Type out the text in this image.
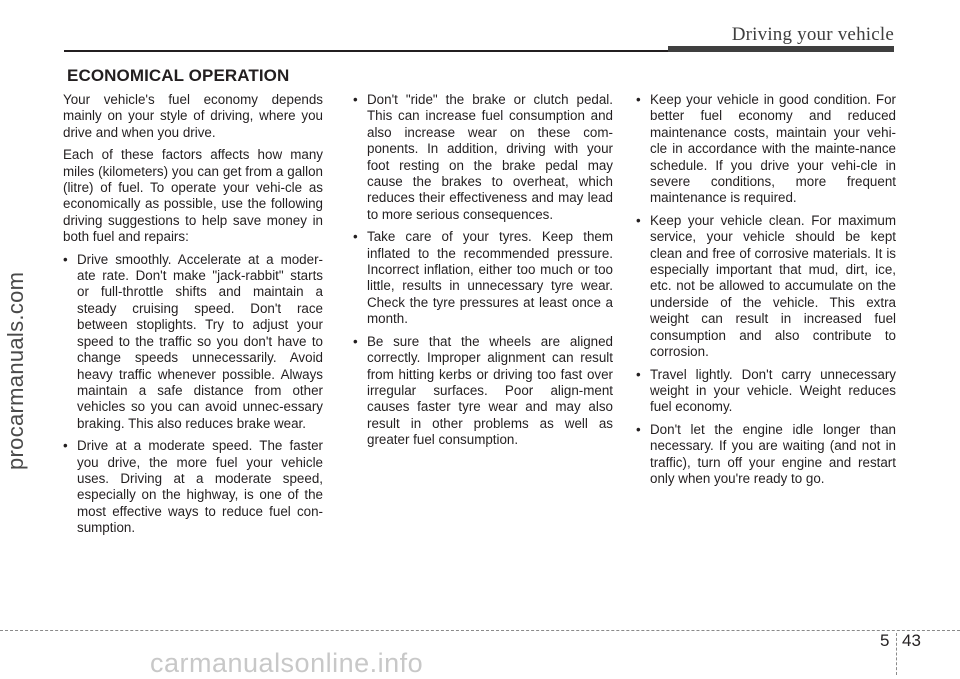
Driving your vehicle
procarmanuals.com
ECONOMICAL OPERATION

Your vehicle's fuel economy depends mainly on your style of driving, where you drive and when you drive.

Each of these factors affects how many miles (kilometers) you can get from a gallon (litre) of fuel. To operate your vehi-cle as economically as possible, use the following driving suggestions to help save money in both fuel and repairs:

• Drive smoothly. Accelerate at a moder-ate rate. Don't make "jack-rabbit" starts or full-throttle shifts and maintain a steady cruising speed. Don't race between stoplights. Try to adjust your speed to the traffic so you don't have to change speeds unnecessarily. Avoid heavy traffic whenever possible. Always maintain a safe distance from other vehicles so you can avoid unnec-essary braking. This also reduces brake wear.
• Drive at a moderate speed. The faster you drive, the more fuel your vehicle uses. Driving at a moderate speed, especially on the highway, is one of the most effective ways to reduce fuel con-sumption.
• Don't "ride" the brake or clutch pedal. This can increase fuel consumption and also increase wear on these com-ponents. In addition, driving with your foot resting on the brake pedal may cause the brakes to overheat, which reduces their effectiveness and may lead to more serious consequences.
• Take care of your tyres. Keep them inflated to the recommended pressure. Incorrect inflation, either too much or too little, results in unnecessary tyre wear. Check the tyre pressures at least once a month.
• Be sure that the wheels are aligned correctly. Improper alignment can result from hitting kerbs or driving too fast over irregular surfaces. Poor align-ment causes faster tyre wear and may also result in other problems as well as greater fuel consumption.
• Keep your vehicle in good condition. For better fuel economy and reduced maintenance costs, maintain your vehi-cle in accordance with the mainte-nance schedule. If you drive your vehi-cle in severe conditions, more frequent maintenance is required.
• Keep your vehicle clean. For maximum service, your vehicle should be kept clean and free of corrosive materials. It is especially important that mud, dirt, ice, etc. not be allowed to accumulate on the underside of the vehicle. This extra weight can result in increased fuel consumption and also contribute to corrosion.
• Travel lightly. Don't carry unnecessary weight in your vehicle. Weight reduces fuel economy.
• Don't let the engine idle longer than necessary. If you are waiting (and not in traffic), turn off your engine and restart only when you're ready to go.
5 43
carmanualsonline.info
